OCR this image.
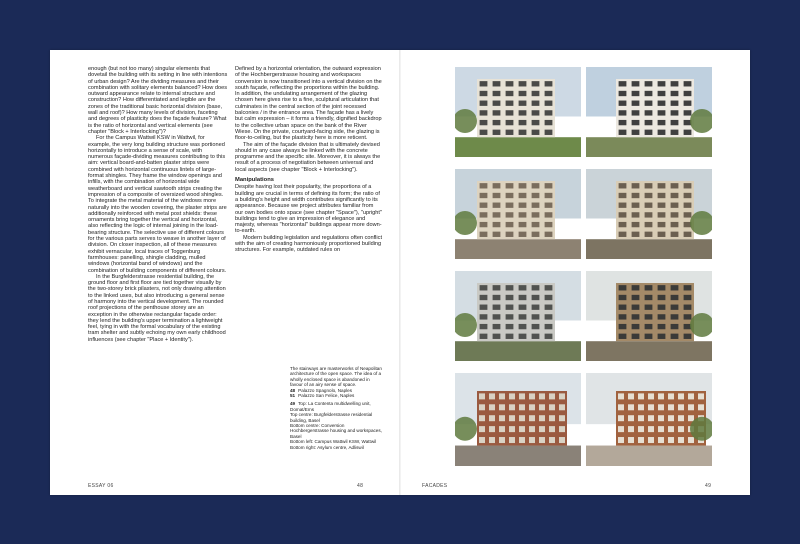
enough (but not too many) singular elements that dovetail the building with its setting in line with intentions of urban design? Are the dividing measures and their combination with solitary elements balanced? How does outward appearance relate to internal structure and construction? How differentiated and legible are the zones of the traditional basic horizontal division (base, wall and roof)? How many levels of division, faceting and degrees of plasticity does the façade feature? What is the ratio of horizontal and vertical elements (see chapter "Block + Interlocking")?

For the Campus Wattwil KSW in Wattwil, for example, the very long building structure was portioned horizontally to introduce a sense of scale, with numerous façade-dividing measures contributing to this aim: vertical board-and-batten plaster strips were combined with horizontal continuous lintels of large-format shingles. They frame the window openings and infills, with the combination of horizontal wide weatherboard and vertical sawtooth strips creating the impression of a composite of oversized wood shingles. To integrate the metal material of the windows more naturally into the wooden covering, the plaster strips are additionally reinforced with metal post shields: these ornaments bring together the vertical and horizontal, also reflecting the logic of internal joining in the load-bearing structure. The selective use of different colours for the various parts serves to weave in another layer of division. On closer inspection, all of these measures exhibit vernacular, local traces of Toggenburg farmhouses: panelling, shingle cladding, mulled windows (horizontal band of windows) and the combination of building components of different colours.

In the Burgfelderstrasse residential building, the ground floor and first floor are tied together visually by the two-storey brick pilasters, not only drawing attention to the linked uses, but also introducing a general sense of harmony into the vertical development. The rounded roof projections of the penthouse storey are an exception in the otherwise rectangular façade order: they lend the building's upper termination a lightweight feel, tying in with the formal vocabulary of the existing tram shelter and subtly echoing my own early childhood influences (see chapter "Place + Identity").

Defined by a horizontal orientation, the outward expression of the Hochbergerstrasse housing and workspaces conversion is now transitioned into a vertical division on the south façade, reflecting the proportions within the building. In addition, the undulating arrangement of the glazing chosen here gives rise to a fine, sculptural articulation that culminates in the central section of the joint recessed balconies / in the entrance area. The façade has a lively but calm expression – it forms a friendly, dignified backdrop to the collective urban space on the bank of the River Wiese. On the private, courtyard-facing side, the glazing is floor-to-ceiling, but the plasticity here is more reticent.

The aim of the façade division that is ultimately devised should in any case always be linked with the concrete programme and the specific site. Moreover, it is always the result of a process of negotiation between universal and local aspects (see chapter "Block + Interlocking").

Manipulations

Despite having lost their popularity, the proportions of a building are crucial in terms of defining its form; the ratio of a building's height and width contributes significantly to its appearance. Because we project attributes familiar from our own bodies onto space (see chapter "Space"), "upright" buildings tend to give an impression of elegance and majesty, whereas "horizontal" buildings appear more down-to-earth.

Modern building legislation and regulations often conflict with the aim of creating harmoniously proportioned building structures. For example, outdated rules on

The stairways are masterworks of Neapolitan architecture of the open space. The idea of a wholly enclosed space is abandoned in favour of an airy sense of space.
48 Palazzo Spagnolo, Naples
51 Palazzo San Felice, Naples
49 Top: La Contenta multidwelling unit, Domat/Ems
Top centre: Burgfelderstrasse residential building, Basel
Bottom centre: Conversion Hochbergerstrasse housing and workspaces, Basel
Bottom left: Campus Wattwil KSW, Wattwil
Bottom right: Asylum centre, Adliswil
ESSAY 06	48	FACADES	49
